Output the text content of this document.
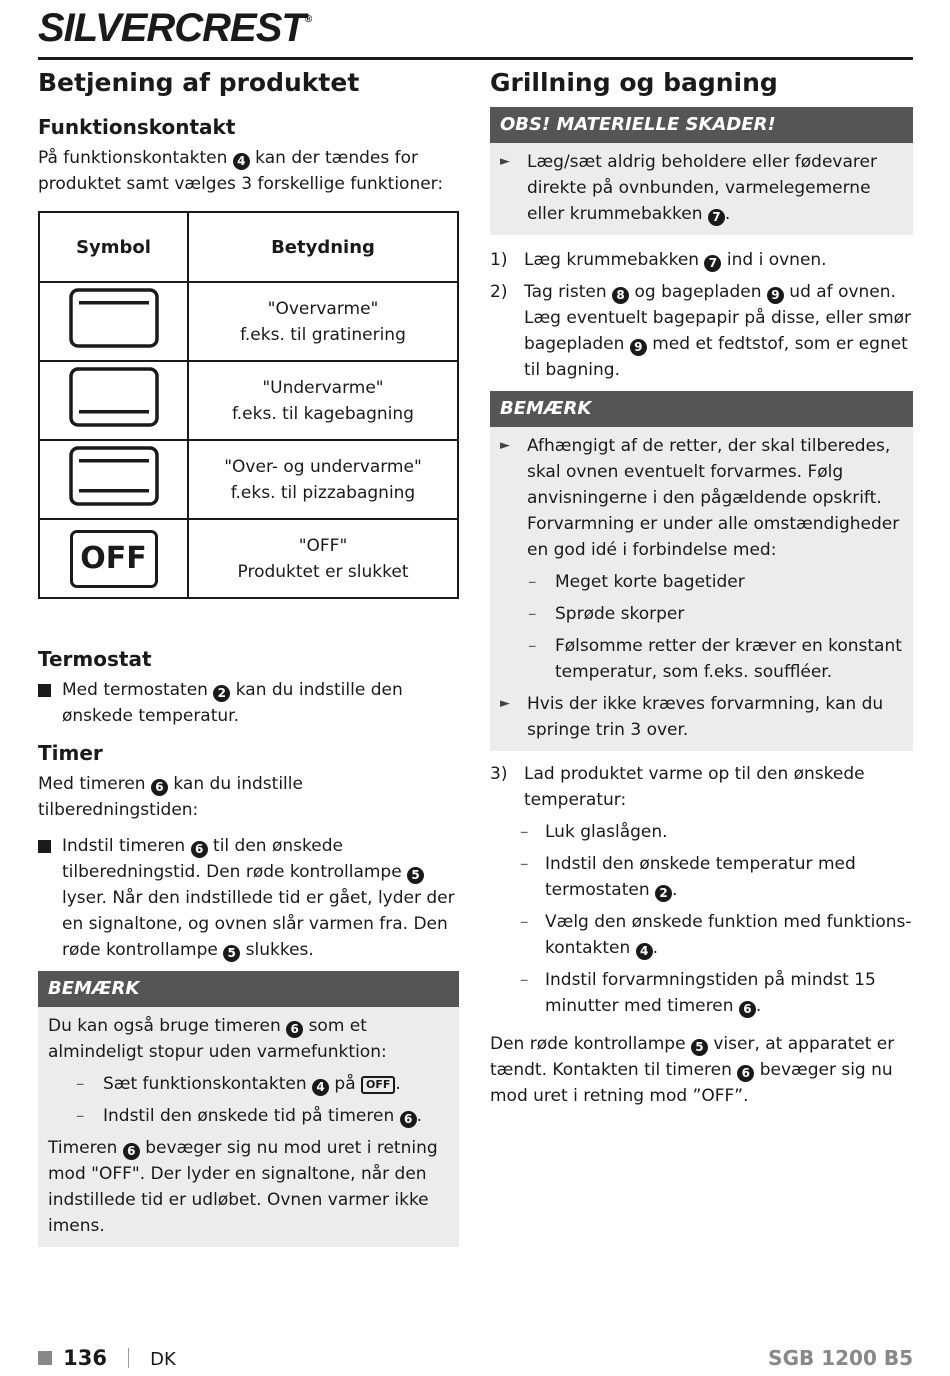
SILVERCREST®
Betjening af produktet
Funktionskontakt

På funktionskontakten 4 kan der tændes for produktet samt vælges 3 forskellige funktioner:

Symbol	Betydning
	"Overvarme"
f.eks. til gratinering
	"Undervarme"
f.eks. til kagebagning
	"Over- og undervarme"
f.eks. til pizzabagning
OFF	"OFF"
Produktet er slukket
Termostat
Med termostaten 2 kan du indstille den ønskede temperatur.
Timer

Med timeren 6 kan du indstille tilberedningstiden:

Indstil timeren 6 til den ønskede tilberedningstid. Den røde kontrollampe 5 lyser. Når den indstillede tid er gået, lyder der en signaltone, og ovnen slår varmen fra. Den røde kontrollampe 5 slukkes.
BEMÆRK
Du kan også bruge timeren 6 som et almindeligt stopur uden varmefunktion:
– Sæt funktionskontakten 4 på OFF .
– Indstil den ønskede tid på timeren 6 .
Timeren 6 bevæger sig nu mod uret i retning mod "OFF". Der lyder en signaltone, når den indstillede tid er udløbet. Ovnen varmer ikke imens.
Grillning og bagning
OBS! MATERIELLE SKADER!
► Læg/sæt aldrig beholdere eller fødevarer direkte på ovnbunden, varmelegemerne eller krummebakken 7 .
1) Læg krummebakken 7 ind i ovnen.
2) Tag risten 8 og bagepladen 9 ud af ovnen. Læg eventuelt bagepapir på disse, eller smør bagepladen 9 med et fedtstof, som er egnet til bagning.
BEMÆRK
► Afhængigt af de retter, der skal tilberedes, skal ovnen eventuelt forvarmes. Følg anvisningerne i den pågældende opskrift. Forvarmning er under alle omstændigheder en god idé i forbindelse med:
– Meget korte bagetider
– Sprøde skorper
– Følsomme retter der kræver en konstant temperatur, som f.eks. souffléer.
► Hvis der ikke kræves forvarmning, kan du springe trin 3 over.
3) Lad produktet varme op til den ønskede temperatur:
– Luk glaslågen.
– Indstil den ønskede temperatur med termostaten 2 .
– Vælg den ønskede funktion med funktionskontakten 4 .
– Indstil forvarmningstiden på mindst 15 minutter med timeren 6 .

Den røde kontrollampe 5 viser, at apparatet er tændt. Kontakten til timeren 6 bevæger sig nu mod uret i retning mod ”OFF”.

136 DK	SGB 1200 B5
